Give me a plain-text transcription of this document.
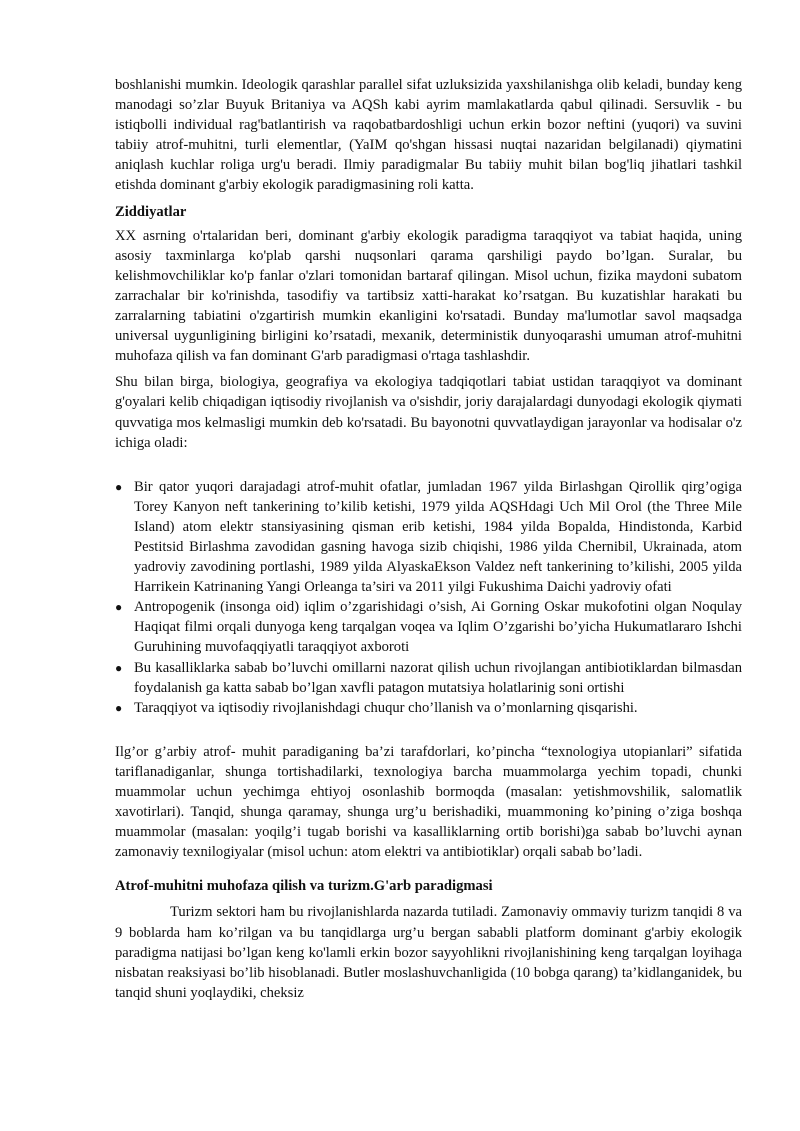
boshlanishi mumkin. Ideologik qarashlar parallel sifat uzluksizida yaxshilanishga olib keladi, bunday keng manodagi so’zlar Buyuk Britaniya va AQSh kabi ayrim mamlakatlarda qabul qilinadi. Sersuvlik - bu istiqbolli individual rag'batlantirish va raqobatbardoshligi uchun erkin bozor neftini (yuqori) va suvini tabiiy atrof-muhitni, turli elementlar, (YaIM qo'shgan hissasi nuqtai nazaridan belgilanadi) qiymatini aniqlash kuchlar roliga urg'u beradi. Ilmiy paradigmalar Bu tabiiy muhit bilan bog'liq jihatlari tashkil etishda dominant g'arbiy ekologik paradigmasining roli katta.

Ziddiyatlar

XX asrning o'rtalaridan beri, dominant g'arbiy ekologik paradigma taraqqiyot va tabiat haqida, uning asosiy taxminlarga ko'plab qarshi nuqsonlari qarama qarshiligi paydo bo’lgan. Suralar, bu kelishmovchiliklar ko'p fanlar o'zlari tomonidan bartaraf qilingan. Misol uchun, fizika maydoni subatom zarrachalar bir ko'rinishda, tasodifiy va tartibsiz xatti-harakat ko’rsatgan. Bu kuzatishlar harakati bu zarralarning tabiatini o'zgartirish mumkin ekanligini ko'rsatadi. Bunday ma'lumotlar savol maqsadga universal uygunligining birligini ko’rsatadi, mexanik, deterministik dunyoqarashi umuman atrof-muhitni muhofaza qilish va fan dominant G'arb paradigmasi o'rtaga tashlashdir.

Shu bilan birga, biologiya, geografiya va ekologiya tadqiqotlari tabiat ustidan taraqqiyot va dominant g'oyalari kelib chiqadigan iqtisodiy rivojlanish va o'sishdir, joriy darajalardagi dunyodagi ekologik qiymati quvvatiga mos kelmasligi mumkin deb ko'rsatadi. Bu bayonotni quvvatlaydigan jarayonlar va hodisalar o'z ichiga oladi:

● Bir qator yuqori darajadagi atrof-muhit ofatlar, jumladan 1967 yilda Birlashgan Qirollik qirg’ogiga Torey Kanyon neft tankerining to’kilib ketishi, 1979 yilda AQSHdagi Uch Mil Orol (the Three Mile Island) atom elektr stansiyasining qisman erib ketishi, 1984 yilda Bopalda, Hindistonda, Karbid Pestitsid Birlashma zavodidan gasning havoga sizib chiqishi, 1986 yilda Chernibil, Ukrainada, atom yadroviy zavodining portlashi, 1989 yilda AlyaskaEkson Valdez neft tankerining to’kilishi, 2005 yilda Harrikein Katrinaning Yangi Orleanga ta’siri va 2011 yilgi Fukushima Daichi yadroviy ofati
● Antropogenik (insonga oid) iqlim o’zgarishidagi o’sish, Ai Gorning Oskar mukofotini olgan Noqulay Haqiqat filmi orqali dunyoga keng tarqalgan voqea va Iqlim O’zgarishi bo’yicha Hukumatlararo Ishchi Guruhining muvofaqqiyatli taraqqiyot axboroti
● Bu kasalliklarka sabab bo’luvchi omillarni nazorat qilish uchun rivojlangan antibiotiklardan bilmasdan foydalanish ga katta sabab bo’lgan xavfli patagon mutatsiya holatlarinig soni ortishi
● Taraqqiyot va iqtisodiy rivojlanishdagi chuqur cho’llanish va o’monlarning qisqarishi.

Ilg’or g’arbiy atrof- muhit paradiganing ba’zi tarafdorlari, ko’pincha “texnologiya utopianlari” sifatida tariflanadiganlar, shunga tortishadilarki, texnologiya barcha muammolarga yechim topadi, chunki muammolar uchun yechimga ehtiyoj osonlashib bormoqda (masalan: yetishmovshilik, salomatlik xavotirlari). Tanqid, shunga qaramay, shunga urg’u berishadiki, muammoning ko’pining o’ziga boshqa muammolar (masalan: yoqilg’i tugab borishi va kasalliklarning ortib borishi)ga sabab bo’luvchi aynan zamonaviy texnilogiyalar (misol uchun: atom elektri va antibiotiklar) orqali sabab bo’ladi.

Atrof-muhitni muhofaza qilish va turizm.G'arb paradigmasi

Turizm sektori ham bu rivojlanishlarda nazarda tutiladi. Zamonaviy ommaviy turizm tanqidi 8 va 9 boblarda ham ko’rilgan va bu tanqidlarga urg’u bergan sababli platform dominant g'arbiy ekologik paradigma natijasi bo’lgan keng ko'lamli erkin bozor sayyohlikni rivojlanishining keng tarqalgan loyihaga nisbatan reaksiyasi bo’lib hisoblanadi. Butler moslashuvchanligida (10 bobga qarang) ta’kidlanganidek, bu tanqid shuni yoqlaydiki, cheksiz
